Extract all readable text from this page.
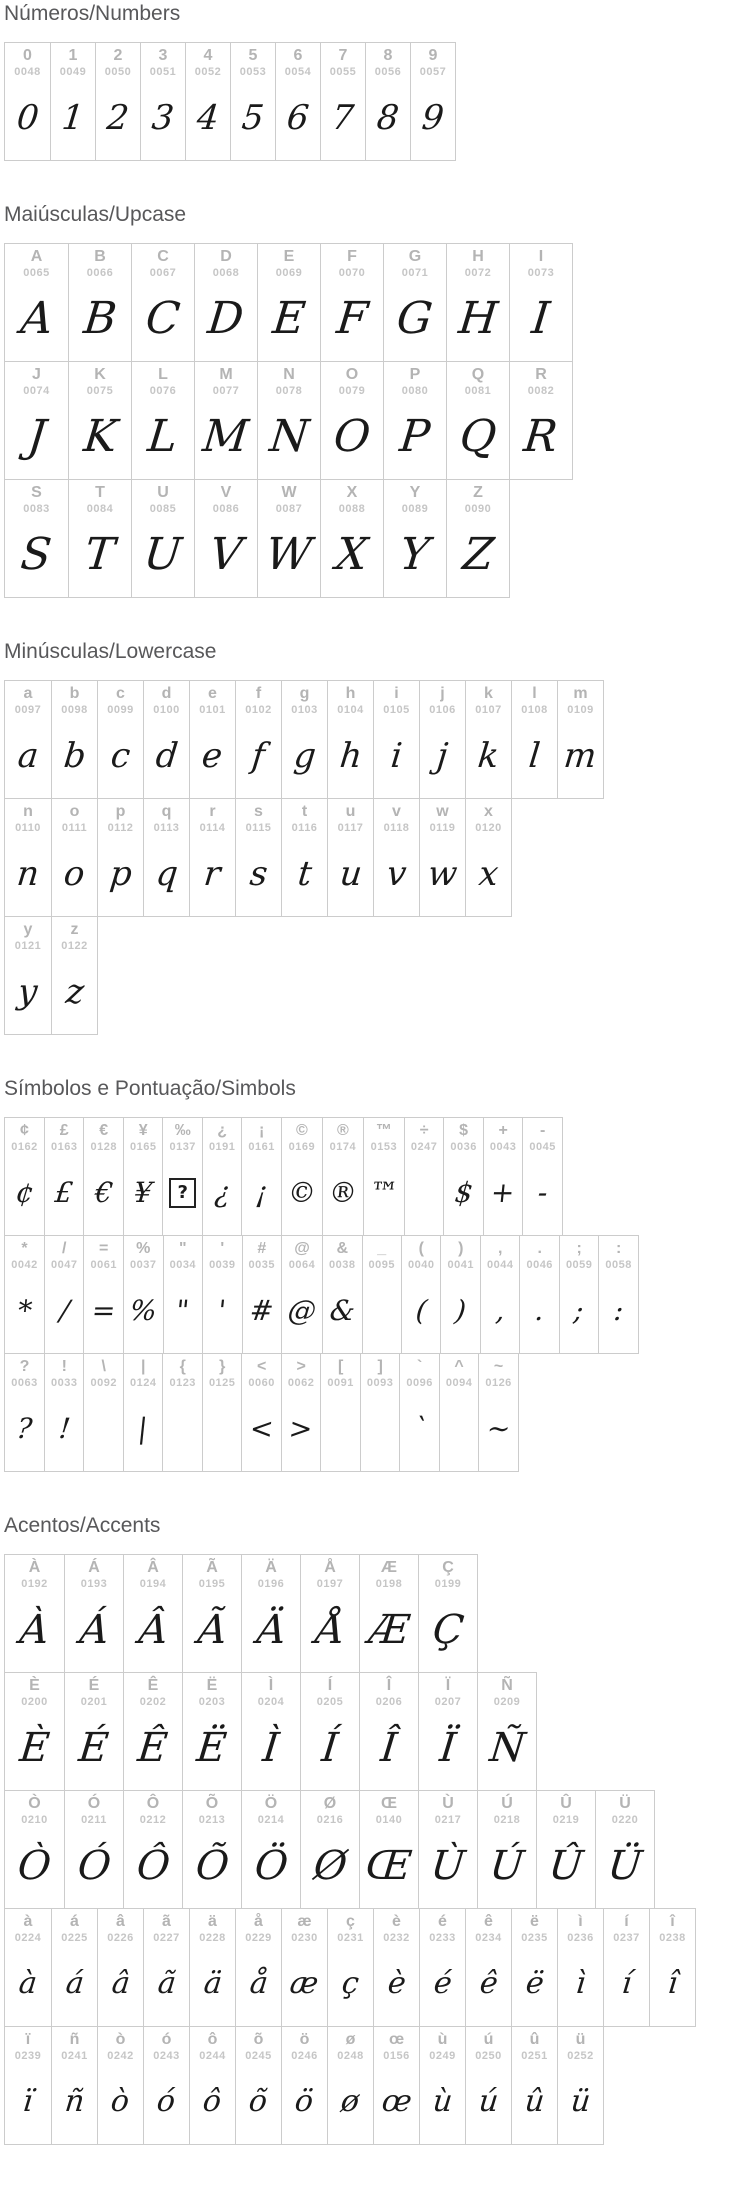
Números/Numbers
0
0048
0
1
0049
1
2
0050
2
3
0051
3
4
0052
4
5
0053
5
6
0054
6
7
0055
7
8
0056
8
9
0057
9
Maiúsculas/Upcase
A
0065
A
B
0066
B
C
0067
C
D
0068
D
E
0069
E
F
0070
F
G
0071
G
H
0072
H
I
0073
I
J
0074
J
K
0075
K
L
0076
L
M
0077
M
N
0078
N
O
0079
O
P
0080
P
Q
0081
Q
R
0082
R
S
0083
S
T
0084
T
U
0085
U
V
0086
V
W
0087
W
X
0088
X
Y
0089
Y
Z
0090
Z
Minúsculas/Lowercase
a
0097
a
b
0098
b
c
0099
c
d
0100
d
e
0101
e
f
0102
f
g
0103
g
h
0104
h
i
0105
i
j
0106
j
k
0107
k
l
0108
l
m
0109
m
n
0110
n
o
0111
o
p
0112
p
q
0113
q
r
0114
r
s
0115
s
t
0116
t
u
0117
u
v
0118
v
w
0119
w
x
0120
x
y
0121
y
z
0122
z
Símbolos e Pontuação/Simbols
¢
0162
¢
£
0163
£
€
0128
€
¥
0165
¥
‰
0137
?
¿
0191
¿
¡
0161
¡
©
0169
©
®
0174
®
™
0153
™
÷
0247
$
0036
$
+
0043
+
-
0045
-
*
0042
*
/
0047
/
=
0061
=
%
0037
%
"
0034
"
'
0039
'
#
0035
#
@
0064
@
&
0038
&
_
0095
(
0040
(
)
0041
)
,
0044
,
.
0046
.
;
0059
;
:
0058
:
?
0063
?
!
0033
!
\
0092
|
0124
|
{
0123
}
0125
<
0060
<
>
0062
>
[
0091
]
0093
`
0096
`
^
0094
~
0126
~
Acentos/Accents
À
0192
À
Á
0193
Á
Â
0194
Â
Ã
0195
Ã
Ä
0196
Ä
Å
0197
Å
Æ
0198
Æ
Ç
0199
Ç
È
0200
È
É
0201
É
Ê
0202
Ê
Ë
0203
Ë
Ì
0204
Ì
Í
0205
Í
Î
0206
Î
Ï
0207
Ï
Ñ
0209
Ñ
Ò
0210
Ò
Ó
0211
Ó
Ô
0212
Ô
Õ
0213
Õ
Ö
0214
Ö
Ø
0216
Ø
Œ
0140
Œ
Ù
0217
Ù
Ú
0218
Ú
Û
0219
Û
Ü
0220
Ü
à
0224
à
á
0225
á
â
0226
â
ã
0227
ã
ä
0228
ä
å
0229
å
æ
0230
æ
ç
0231
ç
è
0232
è
é
0233
é
ê
0234
ê
ë
0235
ë
ì
0236
ì
í
0237
í
î
0238
î
ï
0239
ï
ñ
0241
ñ
ò
0242
ò
ó
0243
ó
ô
0244
ô
õ
0245
õ
ö
0246
ö
ø
0248
ø
œ
0156
œ
ù
0249
ù
ú
0250
ú
û
0251
û
ü
0252
ü
